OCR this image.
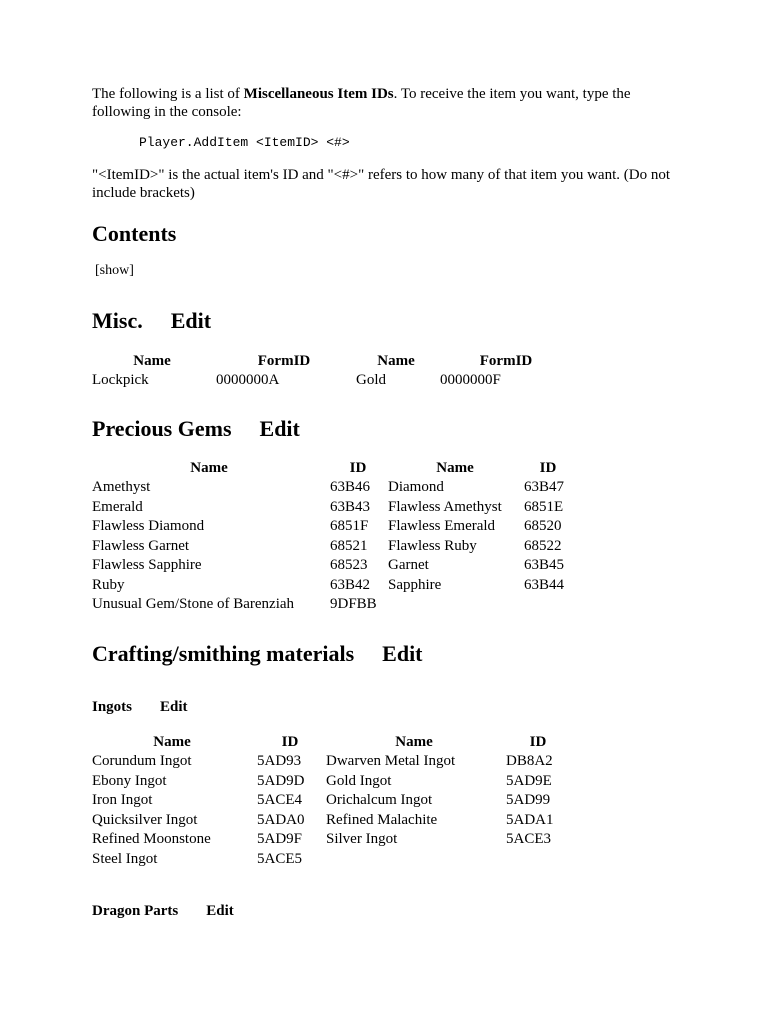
The following is a list of Miscellaneous Item IDs. To receive the item you want, type the following in the console:

Player.AddItem <ItemID> <#>

"<ItemID>" is the actual item's ID and "<#>" refers to how many of that item you want. (Do not include brackets)

Contents

[show]

Misc. Edit
Name	FormID	Name	FormID
Lockpick	0000000A	Gold	0000000F
Precious Gems Edit
Name	ID	Name	ID
Amethyst	63B46 Diamond	63B47
Emerald	63B43 Flawless Amethyst 6851E
Flawless Diamond	6851F Flawless Emerald 68520
Flawless Garnet	68521 Flawless Ruby	68522
Flawless Sapphire	68523 Garnet	63B45
Ruby	63B42 Sapphire	63B44
Unusual Gem/Stone of Barenziah 9DFBB
Crafting/smithing materials Edit
Ingots Edit
Name	ID	Name	ID
Corundum Ingot	5AD93 Dwarven Metal Ingot	DB8A2
Ebony Ingot	5AD9D Gold Ingot	5AD9E
Iron Ingot	5ACE4 Orichalcum Ingot	5AD99
Quicksilver Ingot	5ADA0 Refined Malachite	5ADA1
Refined Moonstone	5AD9F Silver Ingot	5ACE3
Steel Ingot	5ACE5
Dragon Parts Edit
